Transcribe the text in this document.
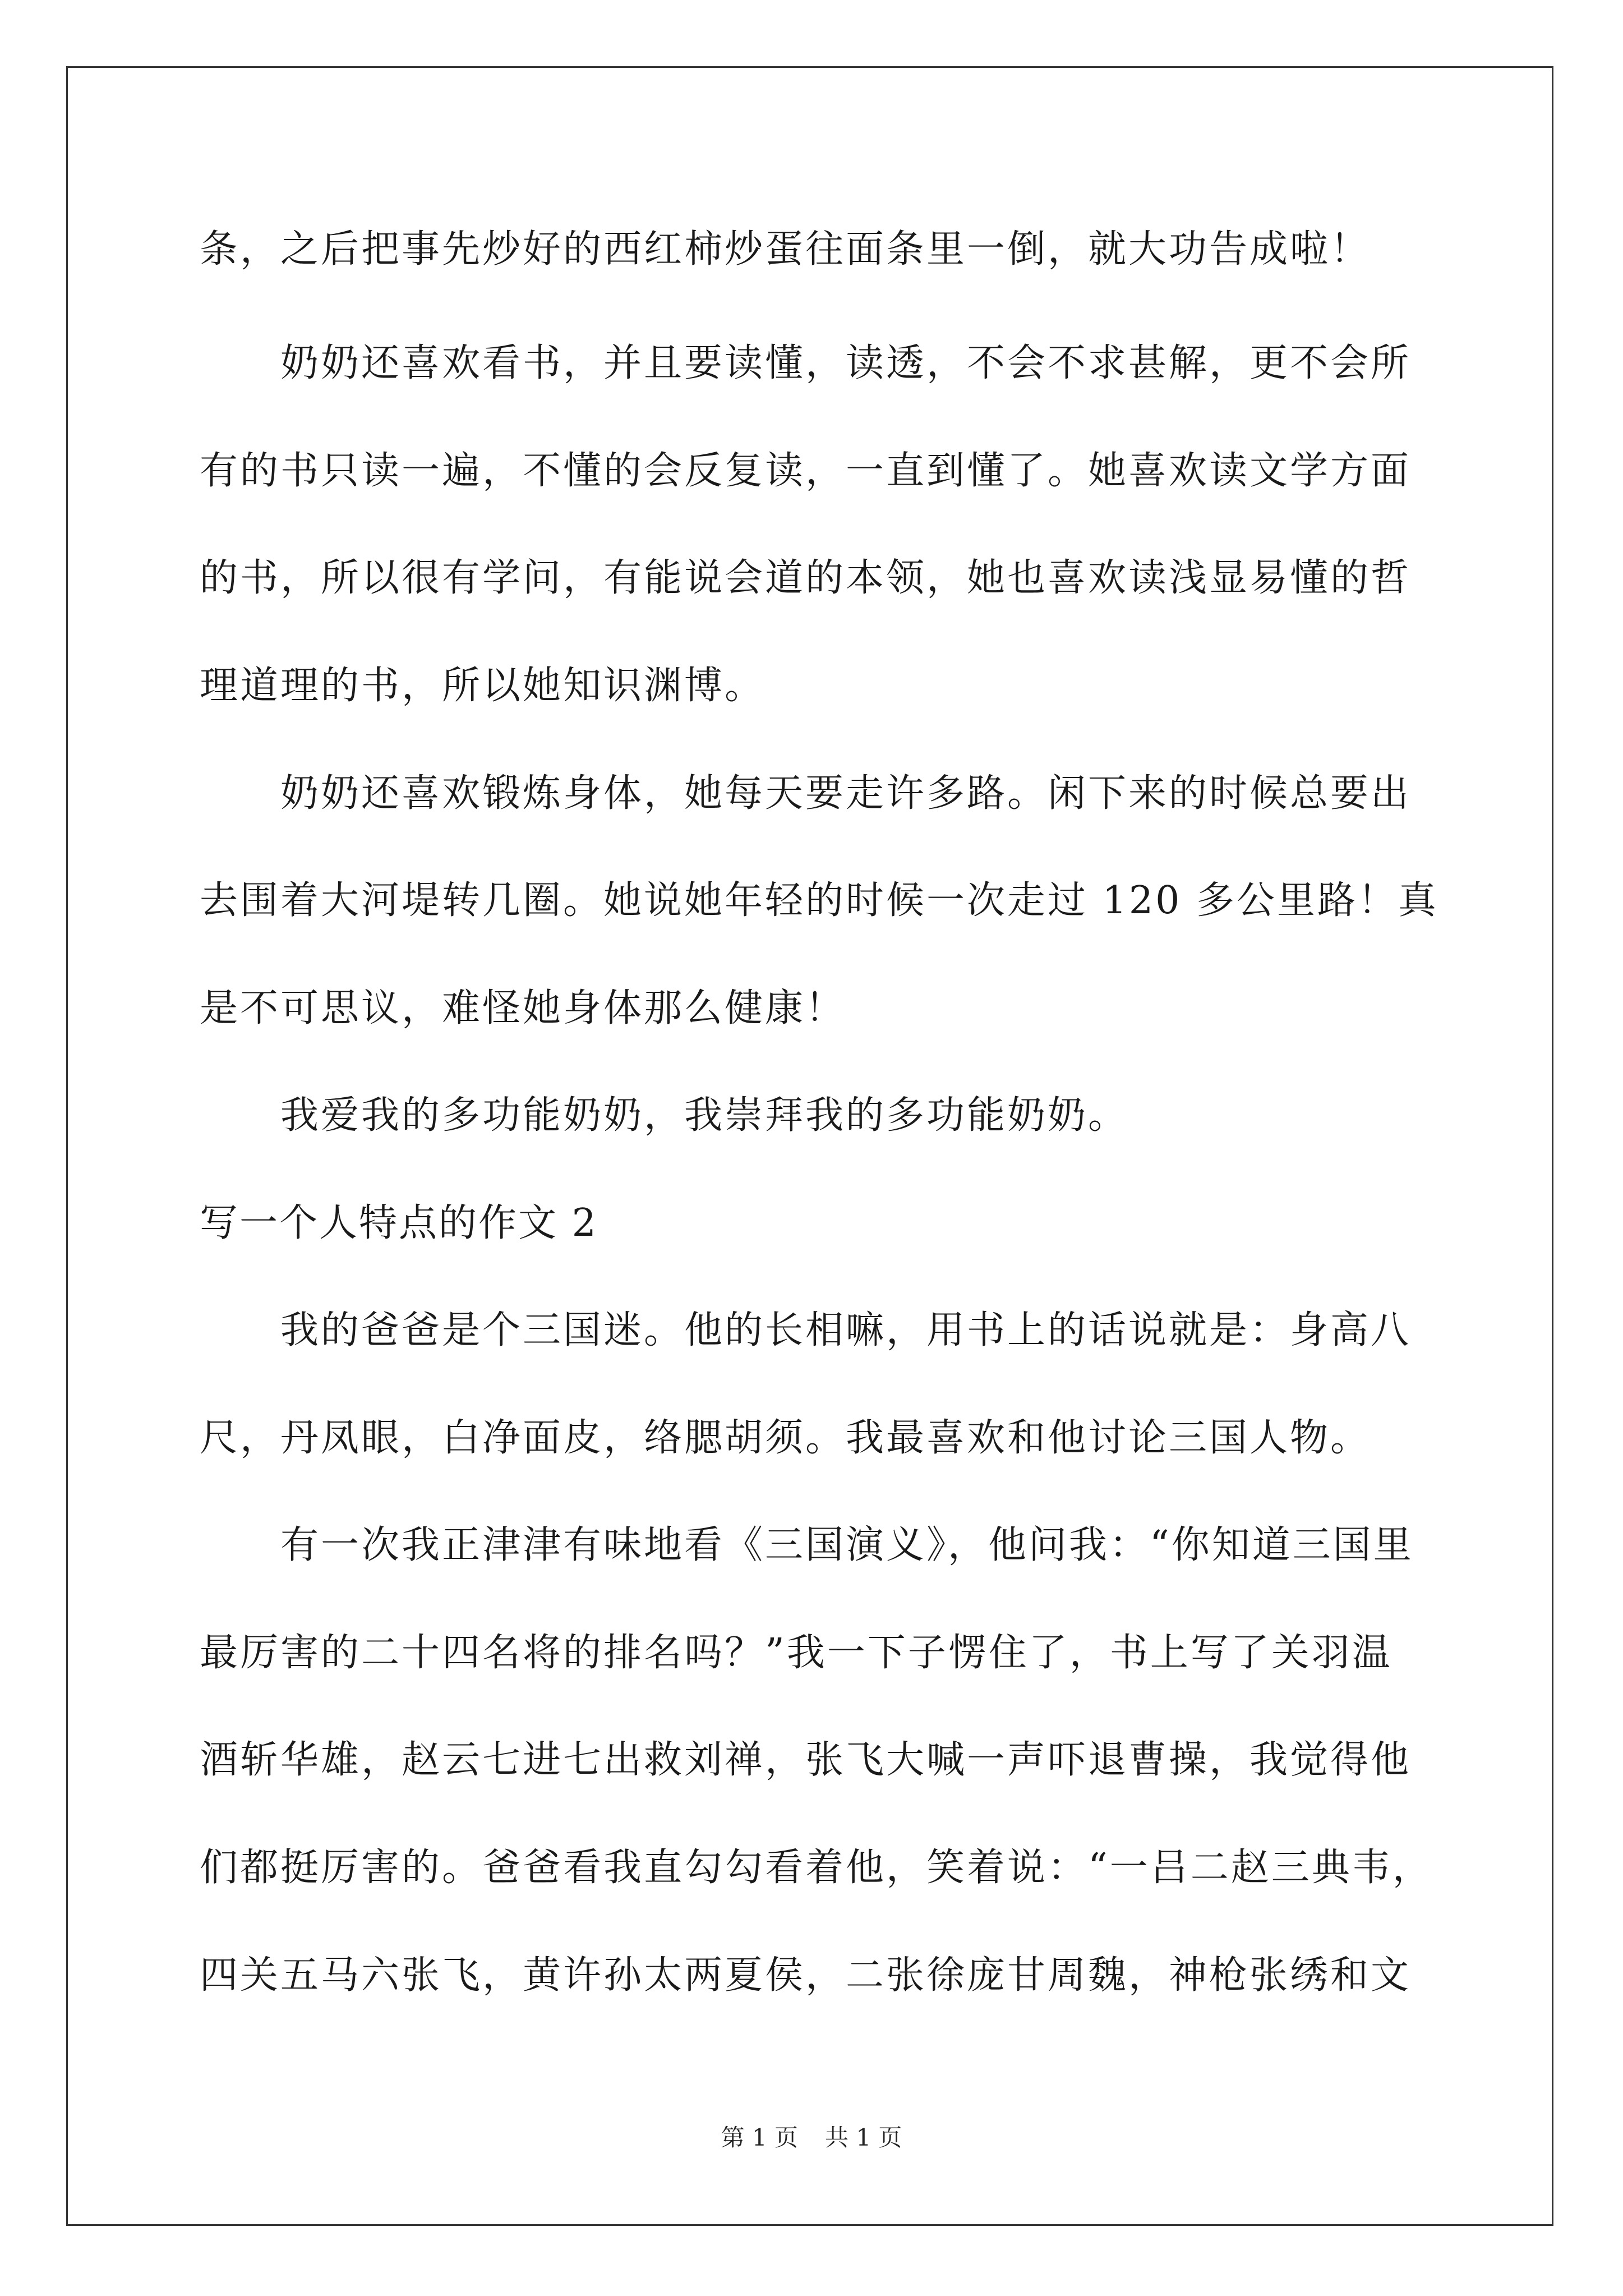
条，之后把事先炒好的西红柿炒蛋往面条里一倒，就大功告成啦！
奶奶还喜欢看书，并且要读懂，读透，不会不求甚解，更不会所
有的书只读一遍，不懂的会反复读，一直到懂了。她喜欢读文学方面
的书，所以很有学问，有能说会道的本领，她也喜欢读浅显易懂的哲
理道理的书，所以她知识渊博。
奶奶还喜欢锻炼身体，她每天要走许多路。闲下来的时候总要出
去围着大河堤转几圈。她说她年轻的时候一次走过 120 多公里路！真
是不可思议，难怪她身体那么健康！
我爱我的多功能奶奶，我崇拜我的多功能奶奶。
写一个人特点的作文 2
我的爸爸是个三国迷。他的长相嘛，用书上的话说就是：身高八
尺，丹凤眼，白净面皮，络腮胡须。我最喜欢和他讨论三国人物。
有一次我正津津有味地看《三国演义》，他问我：“你知道三国里
最厉害的二十四名将的排名吗？”我一下子愣住了，书上写了关羽温
酒斩华雄，赵云七进七出救刘禅，张飞大喊一声吓退曹操，我觉得他
们都挺厉害的。爸爸看我直勾勾看着他，笑着说：“一吕二赵三典韦，
四关五马六张飞，黄许孙太两夏侯，二张徐庞甘周魏，神枪张绣和文
第 1 页 共 1 页
